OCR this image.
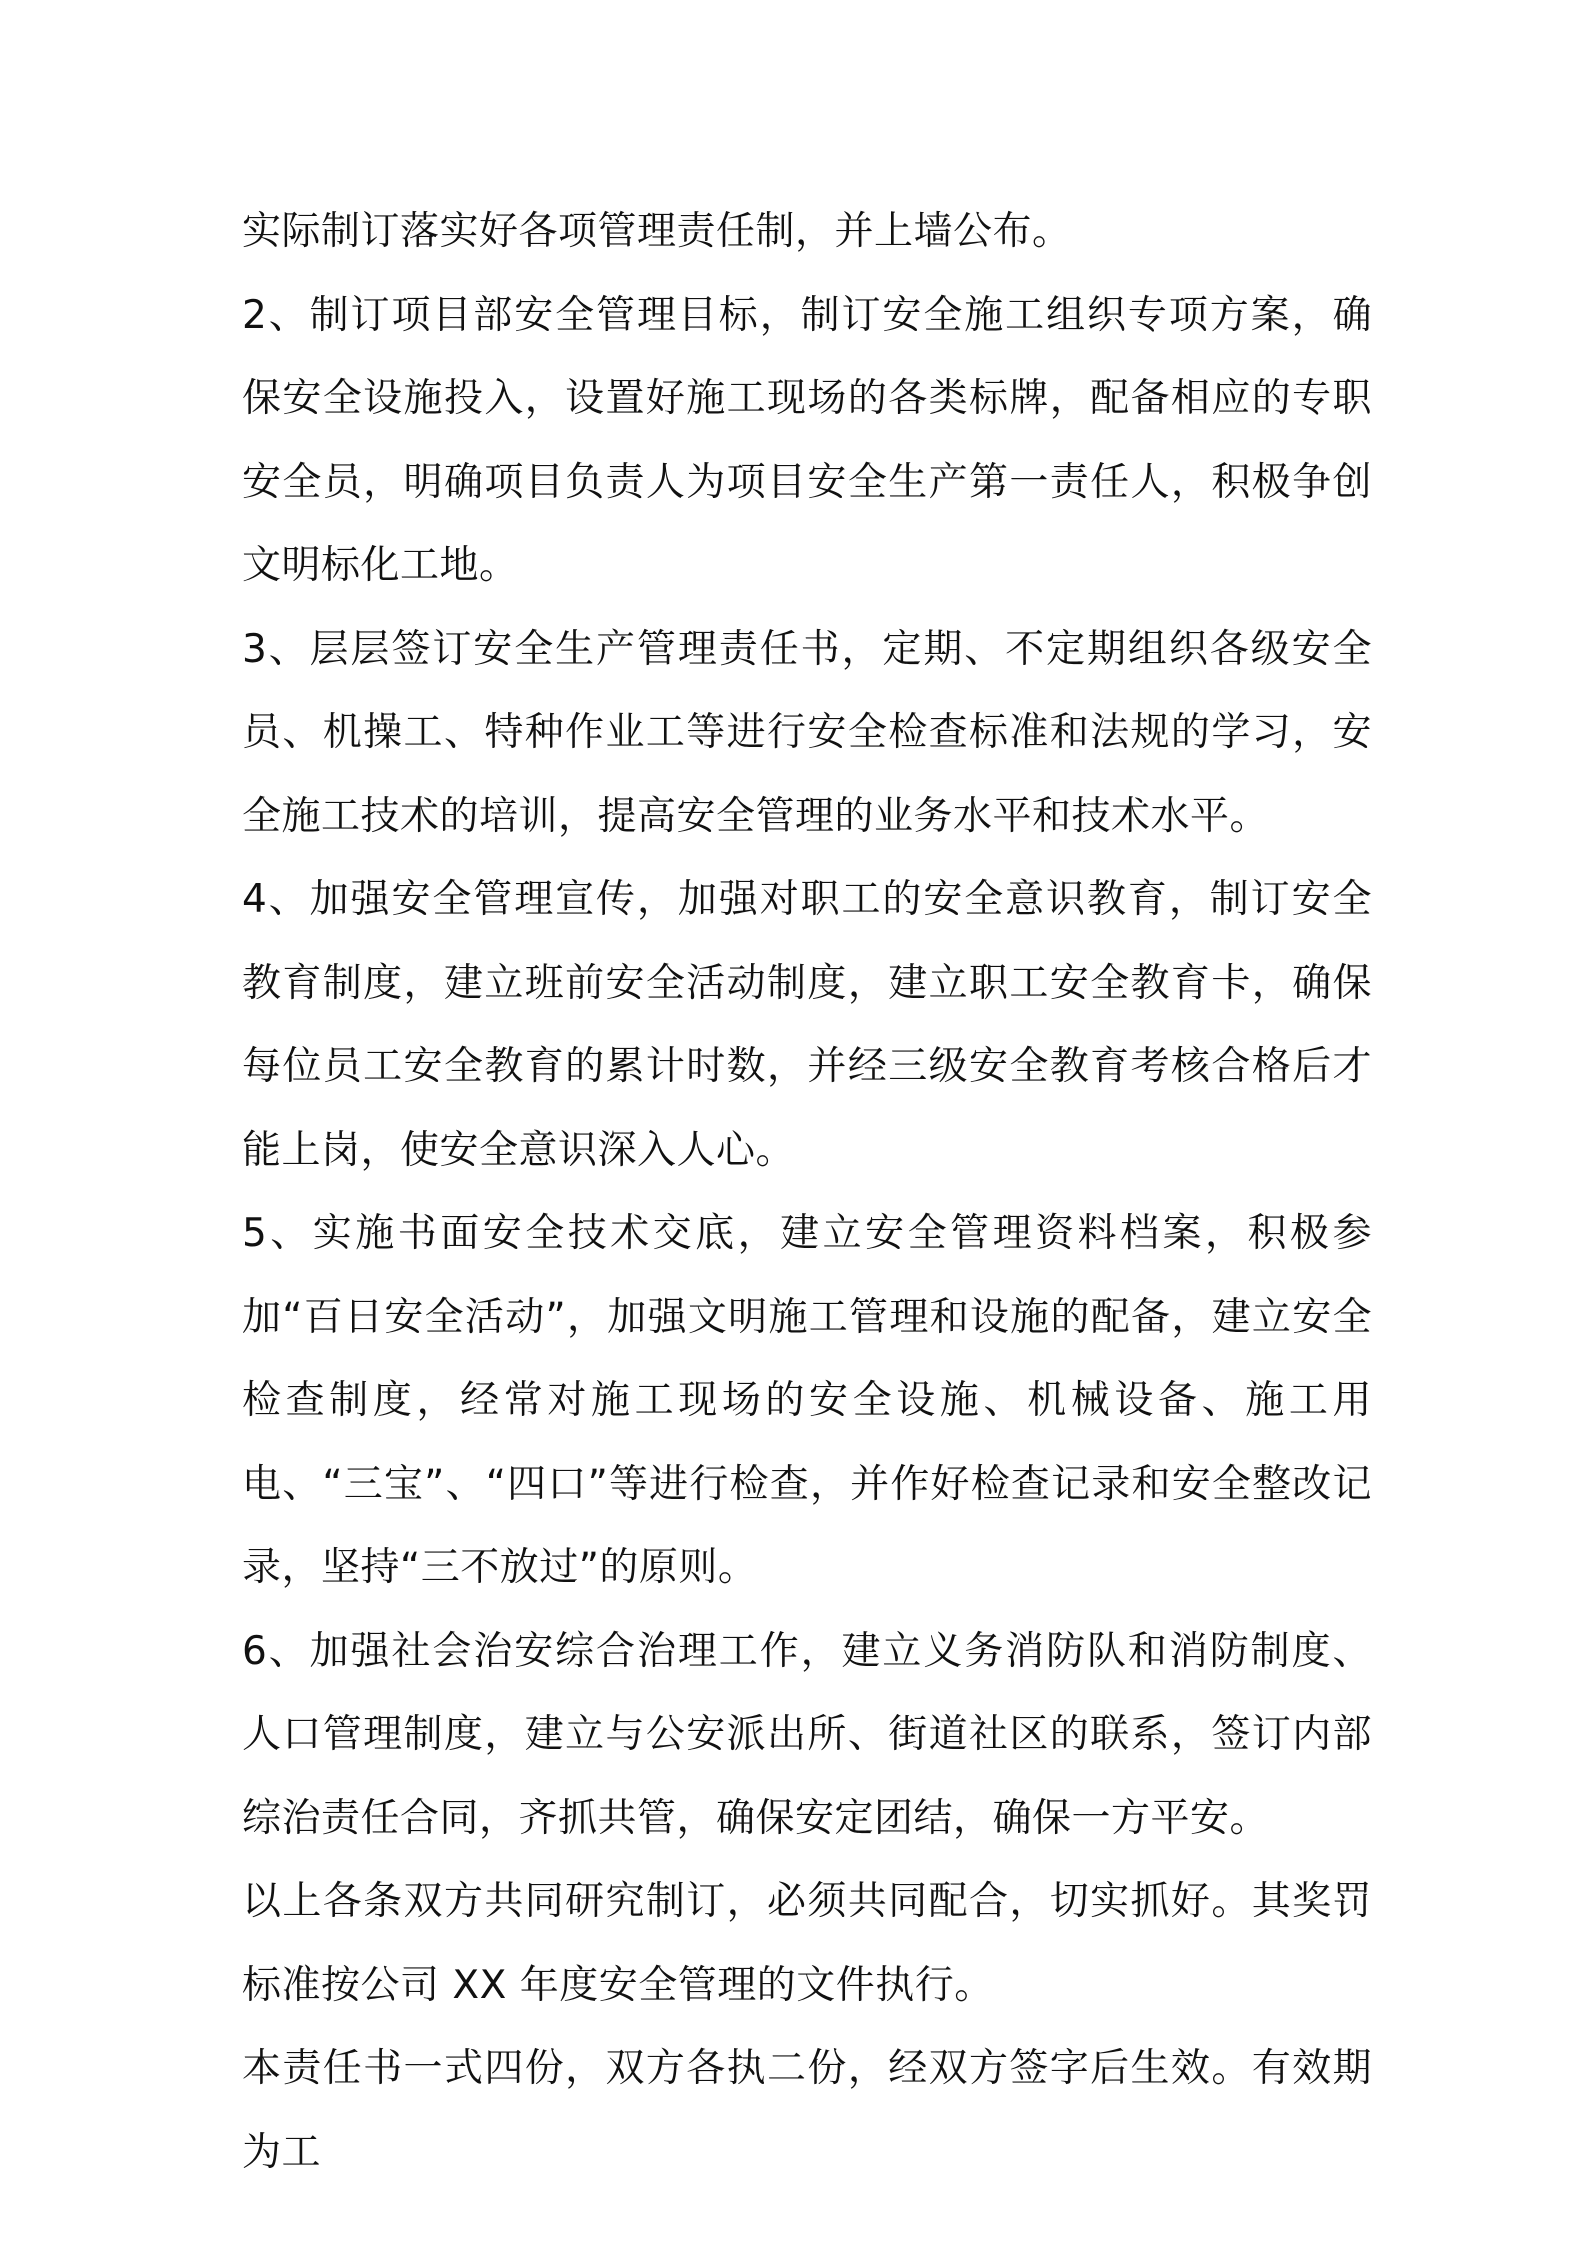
实际制订落实好各项管理责任制，并上墙公布。

2、制订项目部安全管理目标，制订安全施工组织专项方案，确保安全设施投入，设置好施工现场的各类标牌，配备相应的专职安全员，明确项目负责人为项目安全生产第一责任人，积极争创文明标化工地。

3、层层签订安全生产管理责任书，定期、不定期组织各级安全员、机操工、特种作业工等进行安全检查标准和法规的学习，安全施工技术的培训，提高安全管理的业务水平和技术水平。

4、加强安全管理宣传，加强对职工的安全意识教育，制订安全教育制度，建立班前安全活动制度，建立职工安全教育卡，确保每位员工安全教育的累计时数，并经三级安全教育考核合格后才能上岗，使安全意识深入人心。

5、实施书面安全技术交底，建立安全管理资料档案，积极参加“百日安全活动”，加强文明施工管理和设施的配备，建立安全检查制度，经常对施工现场的安全设施、机械设备、施工用电、“三宝”、“四口”等进行检查，并作好检查记录和安全整改记录，坚持“三不放过”的原则。

6、加强社会治安综合治理工作，建立义务消防队和消防制度、人口管理制度，建立与公安派出所、街道社区的联系，签订内部综治责任合同，齐抓共管，确保安定团结，确保一方平安。

以上各条双方共同研究制订，必须共同配合，切实抓好。其奖罚标准按公司 XX 年度安全管理的文件执行。

本责任书一式四份，双方各执二份，经双方签字后生效。有效期为工
